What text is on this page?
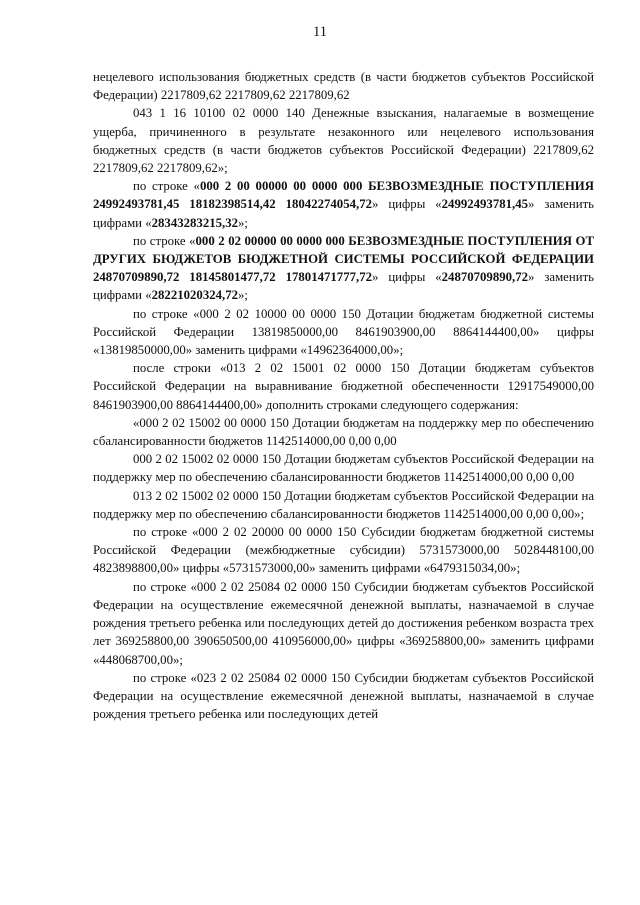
11

нецелевого использования бюджетных средств (в части бюджетов субъектов Российской Федерации) 2217809,62 2217809,62 2217809,62

043 1 16 10100 02 0000 140 Денежные взыскания, налагаемые в возмещение ущерба, причиненного в результате незаконного или нецелевого использования бюджетных средств (в части бюджетов субъектов Российской Федерации) 2217809,62 2217809,62 2217809,62»;

по строке «000 2 00 00000 00 0000 000 БЕЗВОЗМЕЗДНЫЕ ПОСТУПЛЕНИЯ 24992493781,45 18182398514,42 18042274054,72» цифры «24992493781,45» заменить цифрами «28343283215,32»;

по строке «000 2 02 00000 00 0000 000 БЕЗВОЗМЕЗДНЫЕ ПОСТУПЛЕНИЯ ОТ ДРУГИХ БЮДЖЕТОВ БЮДЖЕТНОЙ СИСТЕМЫ РОССИЙСКОЙ ФЕДЕРАЦИИ 24870709890,72 18145801477,72 17801471777,72» цифры «24870709890,72» заменить цифрами «28221020324,72»;

по строке «000 2 02 10000 00 0000 150 Дотации бюджетам бюджетной системы Российской Федерации 13819850000,00 8461903900,00 8864144400,00» цифры «13819850000,00» заменить цифрами «14962364000,00»;

после строки «013 2 02 15001 02 0000 150 Дотации бюджетам субъектов Российской Федерации на выравнивание бюджетной обеспеченности 12917549000,00 8461903900,00 8864144400,00» дополнить строками следующего содержания:

«000 2 02 15002 00 0000 150 Дотации бюджетам на поддержку мер по обеспечению сбалансированности бюджетов 1142514000,00 0,00 0,00

000 2 02 15002 02 0000 150 Дотации бюджетам субъектов Российской Федерации на поддержку мер по обеспечению сбалансированности бюджетов 1142514000,00 0,00 0,00

013 2 02 15002 02 0000 150 Дотации бюджетам субъектов Российской Федерации на поддержку мер по обеспечению сбалансированности бюджетов 1142514000,00 0,00 0,00»;

по строке «000 2 02 20000 00 0000 150 Субсидии бюджетам бюджетной системы Российской Федерации (межбюджетные субсидии) 5731573000,00 5028448100,00 4823898800,00» цифры «5731573000,00» заменить цифрами «6479315034,00»;

по строке «000 2 02 25084 02 0000 150 Субсидии бюджетам субъектов Российской Федерации на осуществление ежемесячной денежной выплаты, назначаемой в случае рождения третьего ребенка или последующих детей до достижения ребенком возраста трех лет 369258800,00 390650500,00 410956000,00» цифры «369258800,00» заменить цифрами «448068700,00»;

по строке «023 2 02 25084 02 0000 150 Субсидии бюджетам субъектов Российской Федерации на осуществление ежемесячной денежной выплаты, назначаемой в случае рождения третьего ребенка или последующих детей
